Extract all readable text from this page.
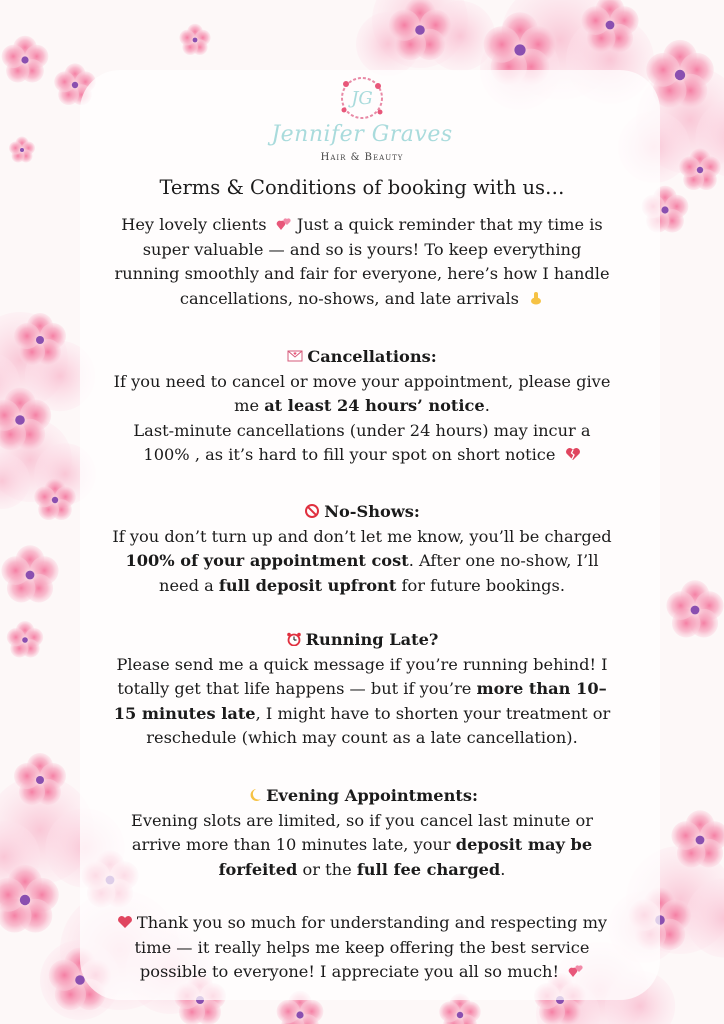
JG
Jennifer Graves
Hair & Beauty
Terms & Conditions of booking with us…
Hey lovely clients  Just a quick reminder that my time is super valuable — and so is yours! To keep everything running smoothly and fair for everyone, here’s how I handle cancellations, no-shows, and late arrivals
Cancellations:
If you need to cancel or move your appointment, please give me at least 24 hours’ notice.
Last-minute cancellations (under 24 hours) may incur a 100% , as it’s hard to fill your spot on short notice
No-Shows:
If you don’t turn up and don’t let me know, you’ll be charged 100% of your appointment cost. After one no-show, I’ll need a full deposit upfront for future bookings.
Running Late?
Please send me a quick message if you’re running behind! I totally get that life happens — but if you’re more than 10–15 minutes late, I might have to shorten your treatment or reschedule (which may count as a late cancellation).
Evening Appointments:
Evening slots are limited, so if you cancel last minute or arrive more than 10 minutes late, your deposit may be forfeited or the full fee charged.
Thank you so much for understanding and respecting my time — it really helps me keep offering the best service possible to everyone! I appreciate you all so much!
